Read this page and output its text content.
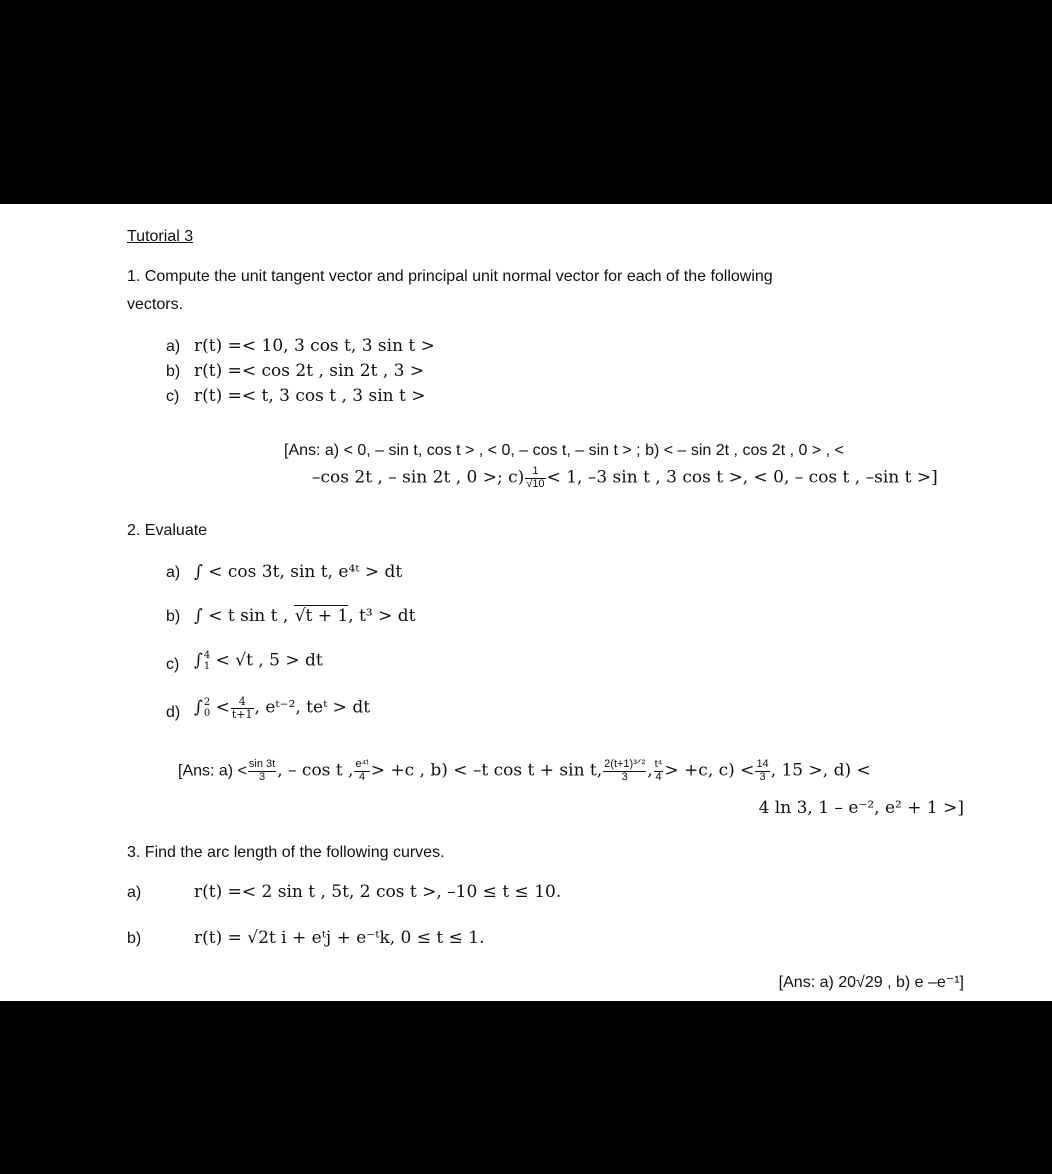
Tutorial 3
1. Compute the unit tangent vector and principal unit normal vector for each of the following
vectors.
a) r(t) =< 10, 3 cos t, 3 sin t >
b) r(t) =< cos 2t , sin 2t , 3 >
c) r(t) =< t, 3 cos t , 3 sin t >
[Ans: a) < 0, – sin t, cos t > , < 0, – cos t, – sin t > ; b) < – sin 2t , cos 2t , 0 > , <
–cos 2t , – sin 2t , 0 >; $c) \frac{1}{√10} < 1$, –3 sin t , 3 cos t >, < 0, – cos t , –sin t >]
2. Evaluate
a) ∫ < cos 3t, sin t, e⁴ᵗ > dt
b) ∫ < t sin t , √t + 1, t³ > dt
c) ∫ 4
1 < √t , 5 > dt
d) ∫ 2
$0 < \frac{4}{t+1}$ , eᵗ⁻², teᵗ > dt
[Ans: $a) < \frac{\sin 3t}{3}$ , – cos t , $\frac{\text{e⁴ᵗ}}{4} > +c$ , b) < –t cos t + sin t, $\frac{\text{2(t+1)³ᐟ²}}{3}$ , $\frac{\text{t⁴}}{4} > +c$, $c) < \frac{14}{3}$ , 15 >, d) <
4 ln 3, 1 – e⁻², e² + 1 >]
3. Find the arc length of the following curves.
a)	r(t) =< 2 sin t , 5t, 2 cos t >, –10 ≤ t ≤ 10.
b)	r(t) = √2t i + eᵗj + e⁻ᵗk, 0 ≤ t ≤ 1.
[Ans: a) 20√29 , b) e –e⁻¹]
